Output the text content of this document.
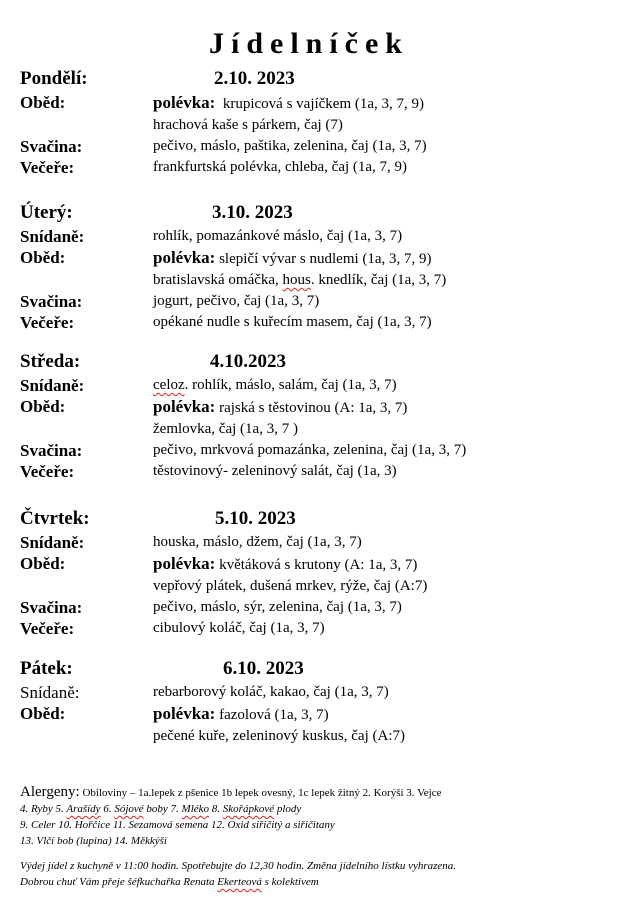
Jídelníček
Pondělí:	2.10. 2023
Oběd:	polévka: krupicová s vajíčkem (1a, 3, 7, 9)
hrachová kaše s párkem, čaj (7)
Svačina:	pečivo, máslo, paštika, zelenina, čaj (1a, 3, 7)
Večeře:	frankfurtská polévka, chleba, čaj (1a, 7, 9)
Úterý:	3.10. 2023
Snídaně:	rohlík, pomazánkové máslo, čaj (1a, 3, 7)
Oběd:	polévka: slepičí vývar s nudlemi (1a, 3, 7, 9)
bratislavská omáčka, hous. knedlík, čaj (1a, 3, 7)
Svačina:	jogurt, pečivo, čaj (1a, 3, 7)
Večeře:	opékané nudle s kuřecím masem, čaj (1a, 3, 7)
Středa:	4.10.2023
Snídaně:	celoz. rohlík, máslo, salám, čaj (1a, 3, 7)
Oběd:	polévka: rajská s těstovinou (A: 1a, 3, 7)
žemlovka, čaj (1a, 3, 7 )
Svačina:	pečivo, mrkvová pomazánka, zelenina, čaj (1a, 3, 7)
Večeře:	těstovinový- zeleninový salát, čaj (1a, 3)
Čtvrtek:	5.10. 2023
Snídaně:	houska, máslo, džem, čaj (1a, 3, 7)
Oběd:	polévka: květáková s krutony (A: 1a, 3, 7)
vepřový plátek, dušená mrkev, rýže, čaj (A:7)
Svačina:	pečivo, máslo, sýr, zelenina, čaj (1a, 3, 7)
Večeře:	cibulový koláč, čaj (1a, 3, 7)
Pátek:	6.10. 2023
Snídaně:	rebarborový koláč, kakao, čaj (1a, 3, 7)
Oběd:	polévka: fazolová (1a, 3, 7)
pečené kuře, zeleninový kuskus, čaj (A:7)
Alergeny: Obiloviny – 1a.lepek z pšenice 1b lepek ovesný, 1c lepek žitný 2. Korýši 3. Vejce
4. Ryby 5. Arašídy 6. Sójové boby 7. Mléko 8. Skořápkové plody
9. Celer 10. Hořčice 11. Sezamová semena 12. Oxid siřičitý a siřičitany
13. Vlčí bob (lupina) 14. Měkkýši
Výdej jídel z kuchyně v 11:00 hodin. Spotřebujte do 12,30 hodin. Změna jídelního lístku vyhrazena.
Dobrou chuť Vám přeje šéfkuchařka Renata Ekerteová s kolektivem
